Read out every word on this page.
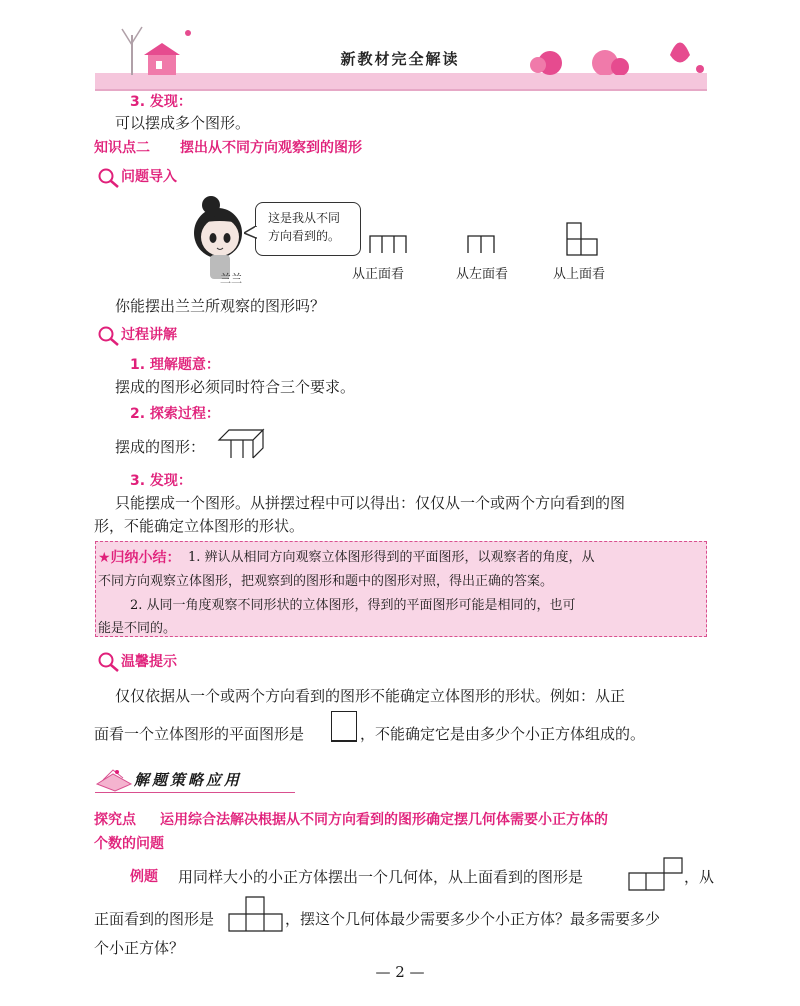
新教材完全解读
3. 发现：
可以摆成多个图形。
知识点二 摆出从不同方向观察到的图形
问题导入
兰兰
这是我从不同
方向看到的。
从正面看	从左面看	从上面看
你能摆出兰兰所观察的图形吗？
过程讲解
1. 理解题意：
摆成的图形必须同时符合三个要求。
2. 探索过程：
摆成的图形：
3. 发现：
只能摆成一个图形。从拼摆过程中可以得出：仅仅从一个或两个方向看到的图
形，不能确定立体图形的形状。
★归纳小结： 1. 辨认从相同方向观察立体图形得到的平面图形，以观察者的角度，从
不同方向观察立体图形，把观察到的图形和题中的图形对照，得出正确的答案。
2. 从同一角度观察不同形状的立体图形，得到的平面图形可能是相同的，也可
能是不同的。
温馨提示
仅仅依据从一个或两个方向看到的图形不能确定立体图形的形状。例如：从正
面看一个立体图形的平面图形是	，不能确定它是由多少个小正方体组成的。
解题策略应用
探究点 运用综合法解决根据从不同方向看到的图形确定摆几何体需要小正方体的
个数的问题
例题 用同样大小的小正方体摆出一个几何体，从上面看到的图形是	，从
正面看到的图形是	，摆这个几何体最少需要多少个小正方体？最多需要多少
个小正方体？
— 2 —
